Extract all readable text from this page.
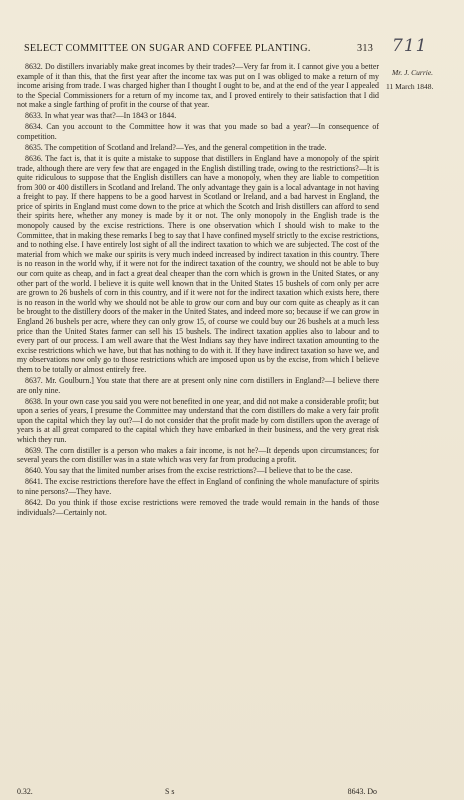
SELECT COMMITTEE ON SUGAR AND COFFEE PLANTING.	313 711
Mr. J. Currie.
11 March 1848.

8632. Do distillers invariably make great incomes by their trades?—Very far from it. I cannot give you a better example of it than this, that the first year after the income tax was put on I was obliged to make a return of my income arising from trade. I was charged higher than I thought I ought to be, and at the end of the year I appealed to the Special Commissioners for a return of my income tax, and I proved entirely to their satisfaction that I did not make a single farthing of profit in the course of that year.

8633. In what year was that?—In 1843 or 1844.

8634. Can you account to the Committee how it was that you made so bad a year?—In consequence of competition.

8635. The competition of Scotland and Ireland?—Yes, and the general competition in the trade.

8636. The fact is, that it is quite a mistake to suppose that distillers in England have a monopoly of the spirit trade, although there are very few that are engaged in the English distilling trade, owing to the restrictions?—It is quite ridiculous to suppose that the English distillers can have a monopoly, when they are liable to competition from 300 or 400 distillers in Scotland and Ireland. The only advantage they gain is a local advantage in not having a freight to pay. If there happens to be a good harvest in Scotland or Ireland, and a bad harvest in England, the price of spirits in England must come down to the price at which the Scotch and Irish distillers can afford to send their spirits here, whether any money is made by it or not. The only monopoly in the English trade is the monopoly caused by the excise restrictions. There is one observation which I should wish to make to the Committee, that in making these remarks I beg to say that I have confined myself strictly to the excise restrictions, and to nothing else. I have entirely lost sight of all the indirect taxation to which we are subjected. The cost of the material from which we make our spirits is very much indeed increased by indirect taxation in this country. There is no reason in the world why, if it were not for the indirect taxation of the country, we should not be able to buy our corn quite as cheap, and in fact a great deal cheaper than the corn which is grown in the United States, or any other part of the world. I believe it is quite well known that in the United States 15 bushels of corn only per acre are grown to 26 bushels of corn in this country, and if it were not for the indirect taxation which exists here, there is no reason in the world why we should not be able to grow our corn and buy our corn quite as cheaply as it can be brought to the distillery doors of the maker in the United States, and indeed more so; because if we can grow in England 26 bushels per acre, where they can only grow 15, of course we could buy our 26 bushels at a much less price than the United States farmer can sell his 15 bushels. The indirect taxation applies also to labour and to every part of our process. I am well aware that the West Indians say they have indirect taxation amounting to the excise restrictions which we have, but that has nothing to do with it. If they have indirect taxation so have we, and my observations now only go to those restrictions which are imposed upon us by the excise, from which I believe them to be totally or almost entirely free.

8637. Mr. Goulburn.] You state that there are at present only nine corn distillers in England?—I believe there are only nine.

8638. In your own case you said you were not benefited in one year, and did not make a considerable profit; but upon a series of years, I presume the Committee may understand that the corn distillers do make a very fair profit upon the capital which they lay out?—I do not consider that the profit made by corn distillers upon the average of years is at all great compared to the capital which they have embarked in their business, and the very great risk which they run.

8639. The corn distiller is a person who makes a fair income, is not he?—It depends upon circumstances; for several years the corn distiller was in a state which was very far from producing a profit.

8640. You say that the limited number arises from the excise restrictions?—I believe that to be the case.

8641. The excise restrictions therefore have the effect in England of confining the whole manufacture of spirits to nine persons?—They have.

8642. Do you think if those excise restrictions were removed the trade would remain in the hands of those individuals?—Certainly not.

0.32.	S s	8643. Do
